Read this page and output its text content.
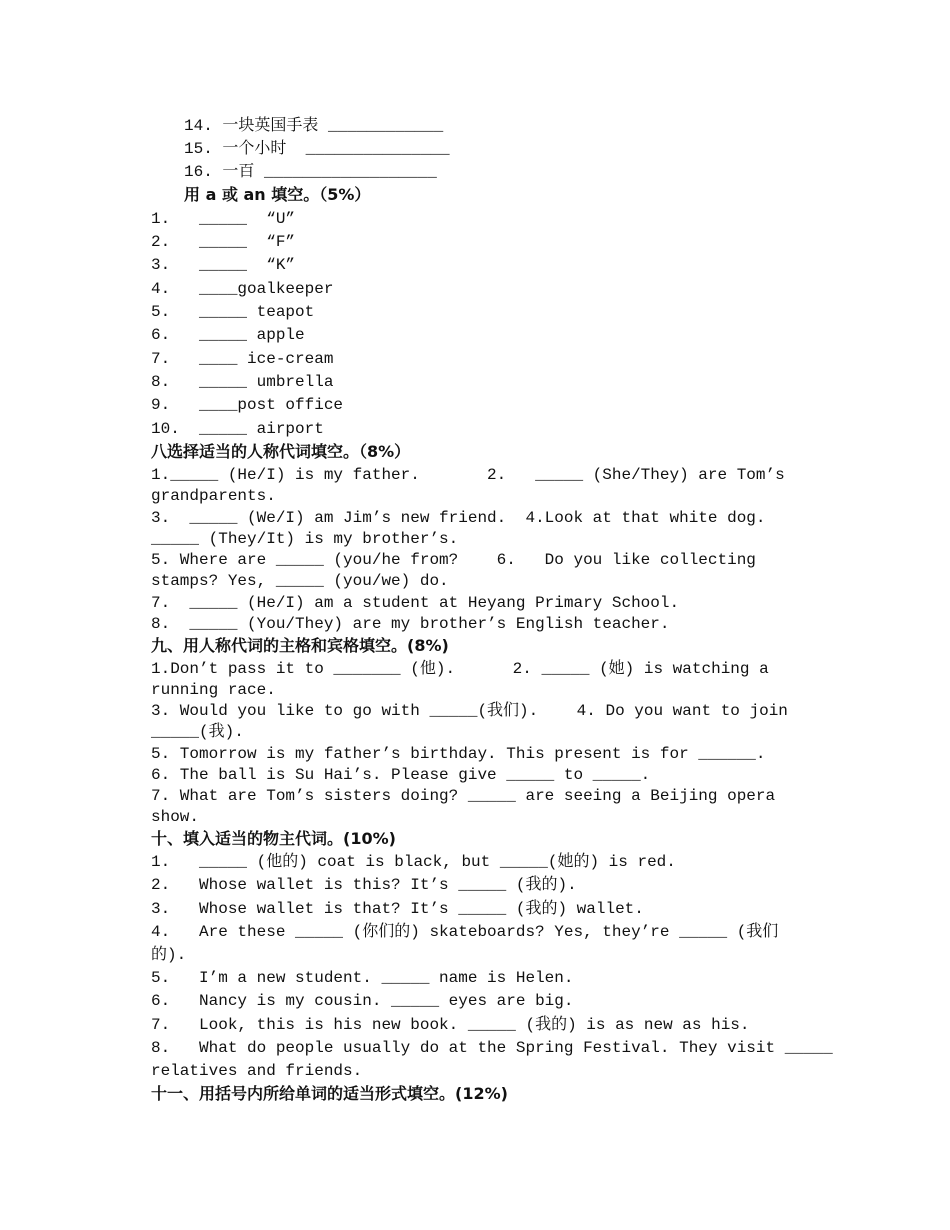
14. 一块英国手表 ____________
15. 一个小时  _______________
16. 一百 __________________
用 a 或 an 填空。（5%）
1.   _____  “U”
2.   _____  “F”
3.   _____  “K”
4.   ____goalkeeper
5.   _____ teapot
6.   _____ apple
7.   ____ ice-cream
8.   _____ umbrella
9.   ____post office
10.  _____ airport
八选择适当的人称代词填空。（8%）
1._____ (He/I) is my father.       2.   _____ (She/They) are Tom’s
grandparents.
3.  _____ (We/I) am Jim’s new friend.  4.Look at that white dog.
_____ (They/It) is my brother’s.
5. Where are _____ (you/he from?    6.   Do you like collecting
stamps? Yes, _____ (you/we) do.
7.  _____ (He/I) am a student at Heyang Primary School.
8.  _____ (You/They) are my brother’s English teacher.
九、用人称代词的主格和宾格填空。(8%)
1.Don’t pass it to _______ (他).      2. _____ (她) is watching a
running race.
3. Would you like to go with _____(我们).    4. Do you want to join
_____(我).
5. Tomorrow is my father’s birthday. This present is for ______.
6. The ball is Su Hai’s. Please give _____ to _____.
7. What are Tom’s sisters doing? _____ are seeing a Beijing opera
show.
十、填入适当的物主代词。(10%)
1.   _____ (他的) coat is black, but _____(她的) is red.
2.   Whose wallet is this? It’s _____ (我的).
3.   Whose wallet is that? It’s _____ (我的) wallet.
4.   Are these _____ (你们的) skateboards? Yes, they’re _____ (我们
的).
5.   I’m a new student. _____ name is Helen.
6.   Nancy is my cousin. _____ eyes are big.
7.   Look, this is his new book. _____ (我的) is as new as his.
8.   What do people usually do at the Spring Festival. They visit _____
relatives and friends.
十一、用括号内所给单词的适当形式填空。(12%)
